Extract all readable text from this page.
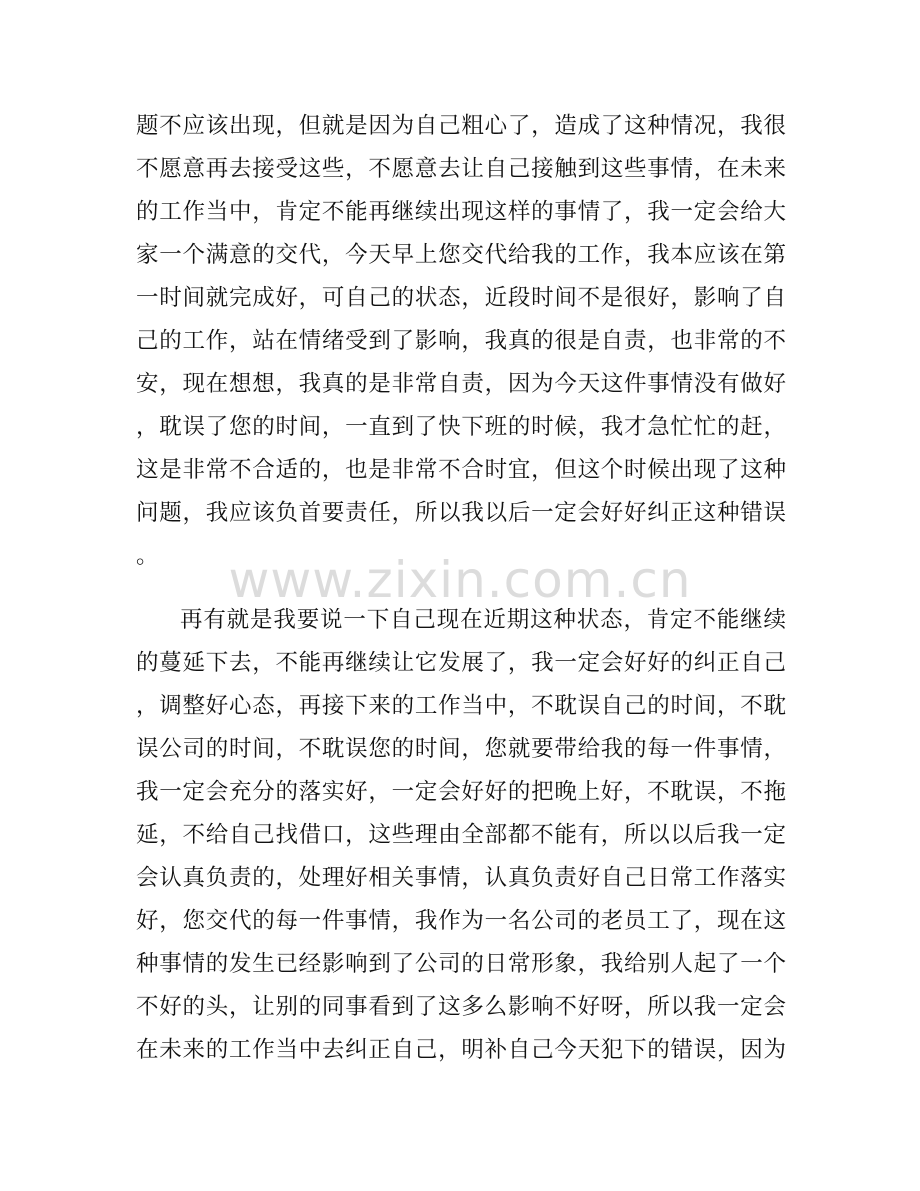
题不应该出现，但就是因为自己粗心了，造成了这种情况，我很
不愿意再去接受这些，不愿意去让自己接触到这些事情，在未来
的工作当中，肯定不能再继续出现这样的事情了，我一定会给大
家一个满意的交代，今天早上您交代给我的工作，我本应该在第
一时间就完成好，可自己的状态，近段时间不是很好，影响了自
己的工作，站在情绪受到了影响，我真的很是自责，也非常的不
安，现在想想，我真的是非常自责，因为今天这件事情没有做好
，耽误了您的时间，一直到了快下班的时候，我才急忙忙的赶，
这是非常不合适的，也是非常不合时宜，但这个时候出现了这种
问题，我应该负首要责任，所以我以后一定会好好纠正这种错误
。	www.zixin.com.cn
再有就是我要说一下自己现在近期这种状态，肯定不能继续
的蔓延下去，不能再继续让它发展了，我一定会好好的纠正自己
，调整好心态，再接下来的工作当中，不耽误自己的时间，不耽
误公司的时间，不耽误您的时间，您就要带给我的每一件事情，
我一定会充分的落实好，一定会好好的把晚上好，不耽误，不拖
延，不给自己找借口，这些理由全部都不能有，所以以后我一定
会认真负责的，处理好相关事情，认真负责好自己日常工作落实
好，您交代的每一件事情，我作为一名公司的老员工了，现在这
种事情的发生已经影响到了公司的日常形象，我给别人起了一个
不好的头，让别的同事看到了这多么影响不好呀，所以我一定会
在未来的工作当中去纠正自己，明补自己今天犯下的错误，因为
